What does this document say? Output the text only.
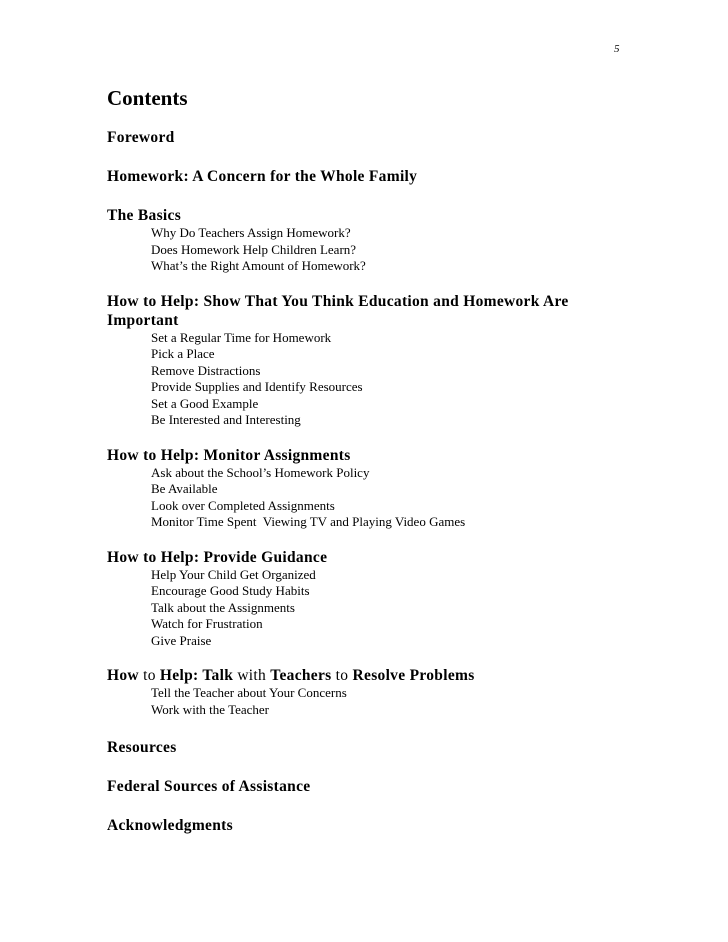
5
Contents
Foreword
Homework: A Concern for the Whole Family
The Basics
Why Do Teachers Assign Homework?
Does Homework Help Children Learn?
What’s the Right Amount of Homework?
How to Help: Show That You Think Education and Homework Are Important
Set a Regular Time for Homework
Pick a Place
Remove Distractions
Provide Supplies and Identify Resources
Set a Good Example
Be Interested and Interesting
How to Help: Monitor Assignments
Ask about the School’s Homework Policy
Be Available
Look over Completed Assignments
Monitor Time Spent  Viewing TV and Playing Video Games
How to Help: Provide Guidance
Help Your Child Get Organized
Encourage Good Study Habits
Talk about the Assignments
Watch for Frustration
Give Praise
How to Help: Talk with Teachers to Resolve Problems
Tell the Teacher about Your Concerns
Work with the Teacher
Resources
Federal Sources of Assistance
Acknowledgments
